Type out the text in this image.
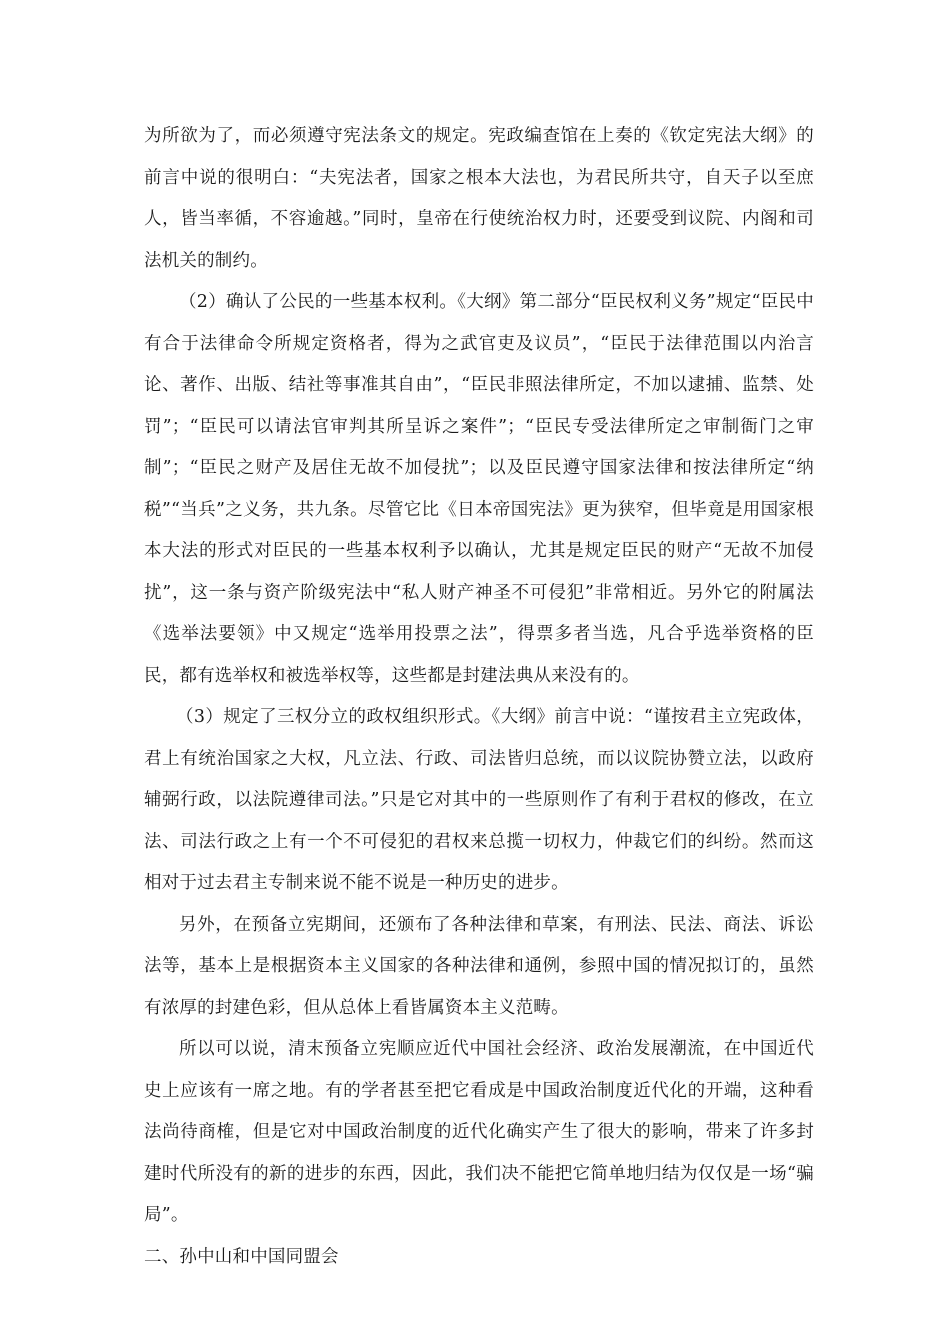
为所欲为了，而必须遵守宪法条文的规定。宪政编查馆在上奏的《钦定宪法大纲》的前言中说的很明白：“夫宪法者，国家之根本大法也，为君民所共守，自天子以至庶人，皆当率循，不容逾越。”同时，皇帝在行使统治权力时，还要受到议院、内阁和司法机关的制约。

（2）确认了公民的一些基本权利。《大纲》第二部分“臣民权利义务”规定“臣民中有合于法律命令所规定资格者，得为之武官吏及议员”，“臣民于法律范围以内治言论、著作、出版、结社等事准其自由”，“臣民非照法律所定，不加以逮捕、监禁、处罚”；“臣民可以请法官审判其所呈诉之案件”；“臣民专受法律所定之审制衙门之审制”；“臣民之财产及居住无故不加侵扰”；以及臣民遵守国家法律和按法律所定“纳税”“当兵”之义务，共九条。尽管它比《日本帝国宪法》更为狭窄，但毕竟是用国家根本大法的形式对臣民的一些基本权利予以确认，尤其是规定臣民的财产“无故不加侵扰”，这一条与资产阶级宪法中“私人财产神圣不可侵犯”非常相近。另外它的附属法《选举法要领》中又规定“选举用投票之法”，得票多者当选，凡合乎选举资格的臣民，都有选举权和被选举权等，这些都是封建法典从来没有的。

（3）规定了三权分立的政权组织形式。《大纲》前言中说：“谨按君主立宪政体，君上有统治国家之大权，凡立法、行政、司法皆归总统，而以议院协赞立法，以政府辅弼行政，以法院遵律司法。”只是它对其中的一些原则作了有利于君权的修改，在立法、司法行政之上有一个不可侵犯的君权来总揽一切权力，仲裁它们的纠纷。然而这相对于过去君主专制来说不能不说是一种历史的进步。

另外，在预备立宪期间，还颁布了各种法律和草案，有刑法、民法、商法、诉讼法等，基本上是根据资本主义国家的各种法律和通例，参照中国的情况拟订的，虽然有浓厚的封建色彩，但从总体上看皆属资本主义范畴。

所以可以说，清末预备立宪顺应近代中国社会经济、政治发展潮流，在中国近代史上应该有一席之地。有的学者甚至把它看成是中国政治制度近代化的开端，这种看法尚待商榷，但是它对中国政治制度的近代化确实产生了很大的影响，带来了许多封建时代所没有的新的进步的东西，因此，我们决不能把它简单地归结为仅仅是一场“骗局”。

二、孙中山和中国同盟会
